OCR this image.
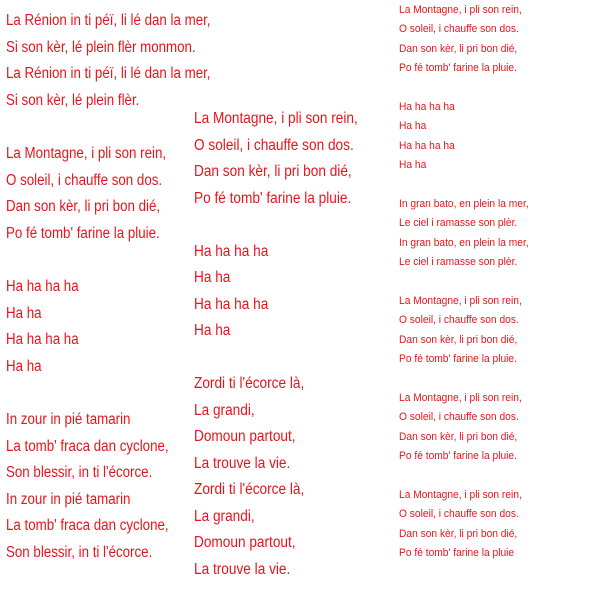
La Rénion in ti péï, li lé dan la mer,
Si son kèr, lé plein flèr monmon.
La Rénion in ti péï, li lé dan la mer,
Si son kèr, lé plein flèr.
La Montagne, i pli son rein,
O soleil, i chauffe son dos.
Dan son kèr, li pri bon dié,
Po fé tomb' farine la pluie.
Ha ha ha ha
Ha ha
Ha ha ha ha
Ha ha
In zour in pié tamarin
La tomb' fraca dan cyclone,
Son blessir, in ti l'écorce.
In zour in pié tamarin
La tomb' fraca dan cyclone,
Son blessir, in ti l'écorce.
La Montagne, i pli son rein,
O soleil, i chauffe son dos.
Dan son kèr, li pri bon dié,
Po fé tomb' farine la pluie.
Ha ha ha ha
Ha ha
Ha ha ha ha
Ha ha
Zordi ti l'écorce là,
La grandi,
Domoun partout,
La trouve la vie.
Zordi ti l'écorce là,
La grandi,
Domoun partout,
La trouve la vie.
La Montagne, i pli son rein,
O soleil, i chauffe son dos.
Dan son kèr, li pri bon dié,
Po fé tomb' farine la pluie.
Ha ha ha ha
Ha ha
Ha ha ha ha
Ha ha
In gran bato, en plein la mer,
Le ciel i ramasse son plèr.
In gran bato, en plein la mer,
Le ciel i ramasse son plèr.
La Montagne, i pli son rein,
O soleil, i chauffe son dos.
Dan son kèr, li pri bon dié,
Po fé tomb' farine la pluie.
La Montagne, i pli son rein,
O soleil, i chauffe son dos.
Dan son kèr, li pri bon dié,
Po fé tomb' farine la pluie.
La Montagne, i pli son rein,
O soleil, i chauffe son dos.
Dan son kèr, li pri bon dié,
Po fé tomb' farine la pluie
